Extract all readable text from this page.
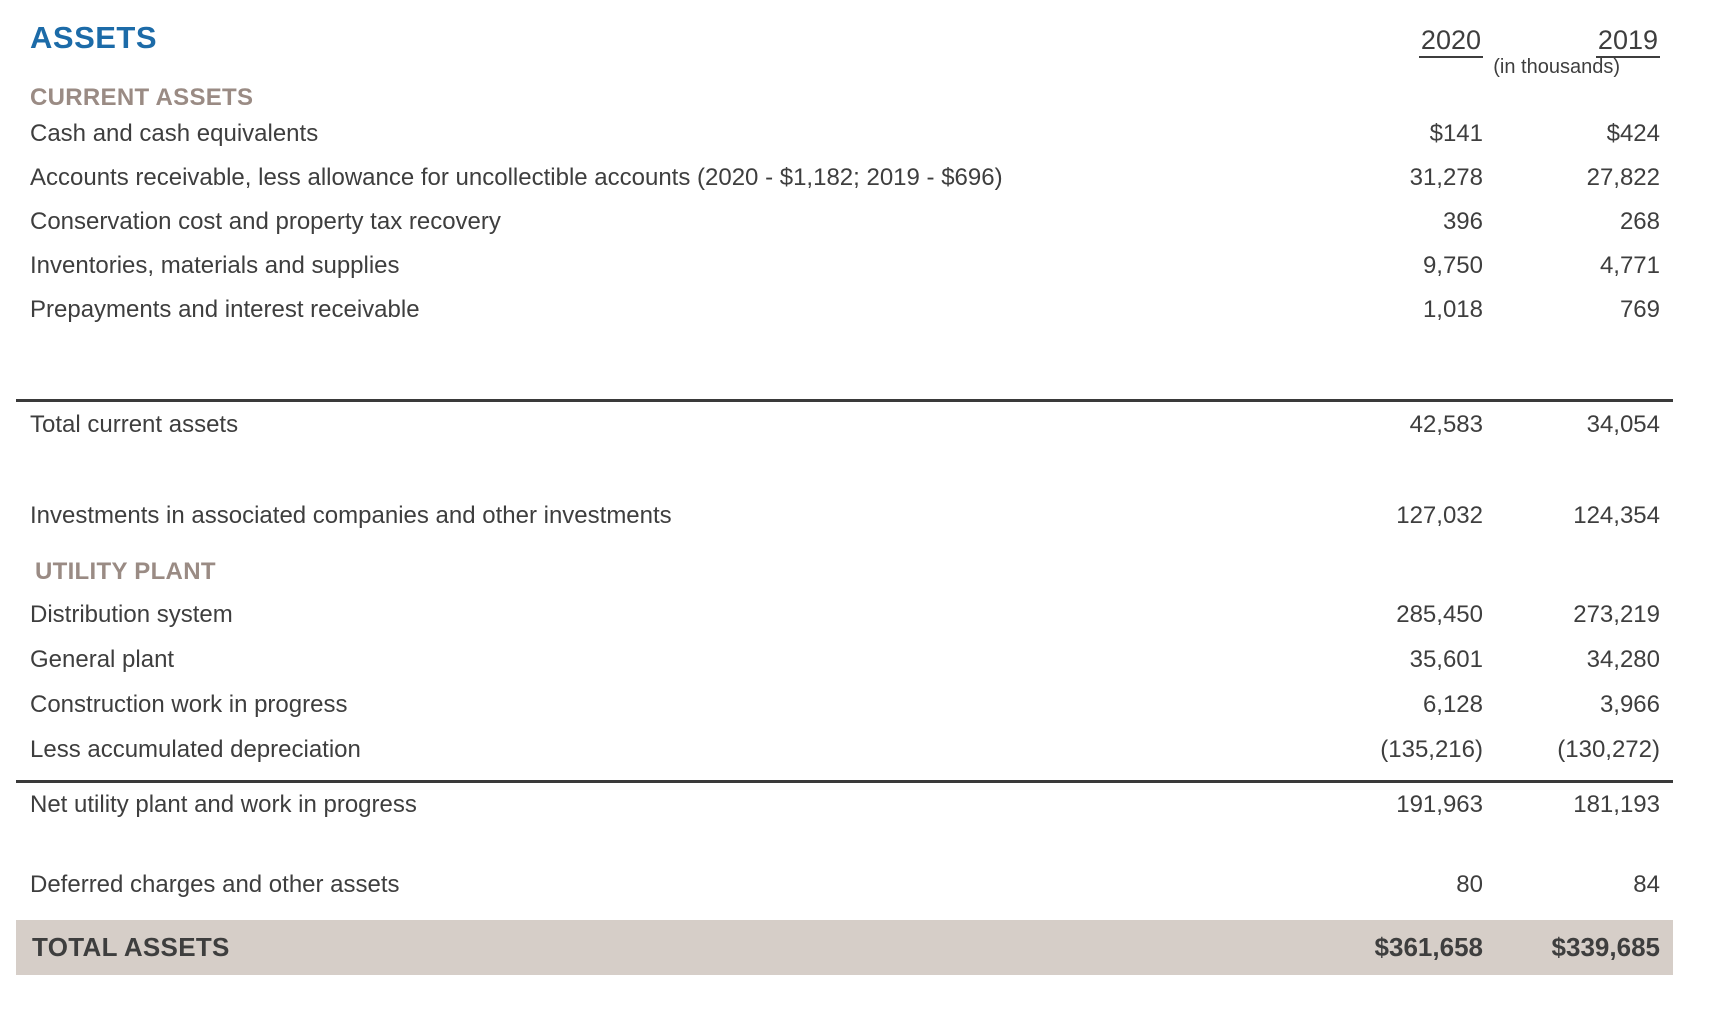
ASSETS	2020	2019
(in thousands)
CURRENT ASSETS
Cash and cash equivalents	$141	$424
Accounts receivable, less allowance for uncollectible accounts (2020 - $1,182; 2019 - $696)	31,278	27,822
Conservation cost and property tax recovery	396	268
Inventories, materials and supplies	9,750	4,771
Prepayments and interest receivable	1,018	769
Total current assets	42,583	34,054
Investments in associated companies and other investments	127,032	124,354
UTILITY PLANT
Distribution system	285,450	273,219
General plant	35,601	34,280
Construction work in progress	6,128	3,966
Less accumulated depreciation	(135,216)	(130,272)
Net utility plant and work in progress	191,963	181,193
Deferred charges and other assets	80	84
TOTAL ASSETS	$361,658	$339,685
